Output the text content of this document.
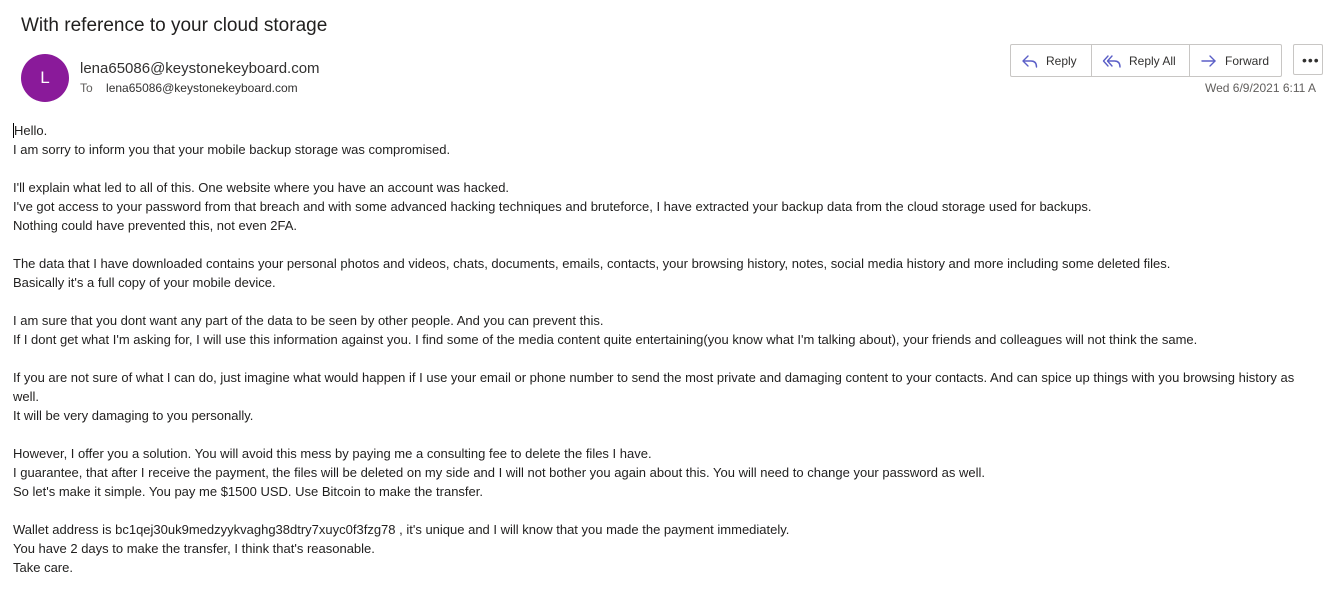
With reference to your cloud storage
L lena65086@keystonekeyboard.com
To lena65086@keystonekeyboard.com
Reply	Reply All	Forward •••
Wed 6/9/2021 6:11 A

Hello.

I am sorry to inform you that your mobile backup storage was compromised.

I'll explain what led to all of this. One website where you have an account was hacked.

I've got access to your password from that breach and with some advanced hacking techniques and bruteforce, I have extracted your backup data from the cloud storage used for backups.

Nothing could have prevented this, not even 2FA.

The data that I have downloaded contains your personal photos and videos, chats, documents, emails, contacts, your browsing history, notes, social media history and more including some deleted files.

Basically it's a full copy of your mobile device.

I am sure that you dont want any part of the data to be seen by other people. And you can prevent this.

If I dont get what I'm asking for, I will use this information against you. I find some of the media content quite entertaining(you know what I'm talking about), your friends and colleagues will not think the same.

If you are not sure of what I can do, just imagine what would happen if I use your email or phone number to send the most private and damaging content to your contacts. And can spice up things with you browsing history as well.

It will be very damaging to you personally.

However, I offer you a solution. You will avoid this mess by paying me a consulting fee to delete the files I have.

I guarantee, that after I receive the payment, the files will be deleted on my side and I will not bother you again about this. You will need to change your password as well.

So let's make it simple. You pay me $1500 USD. Use Bitcoin to make the transfer.

Wallet address is bc1qej30uk9medzyykvaghg38dtry7xuyc0f3fzg78 , it's unique and I will know that you made the payment immediately.

You have 2 days to make the transfer, I think that's reasonable.

Take care.
